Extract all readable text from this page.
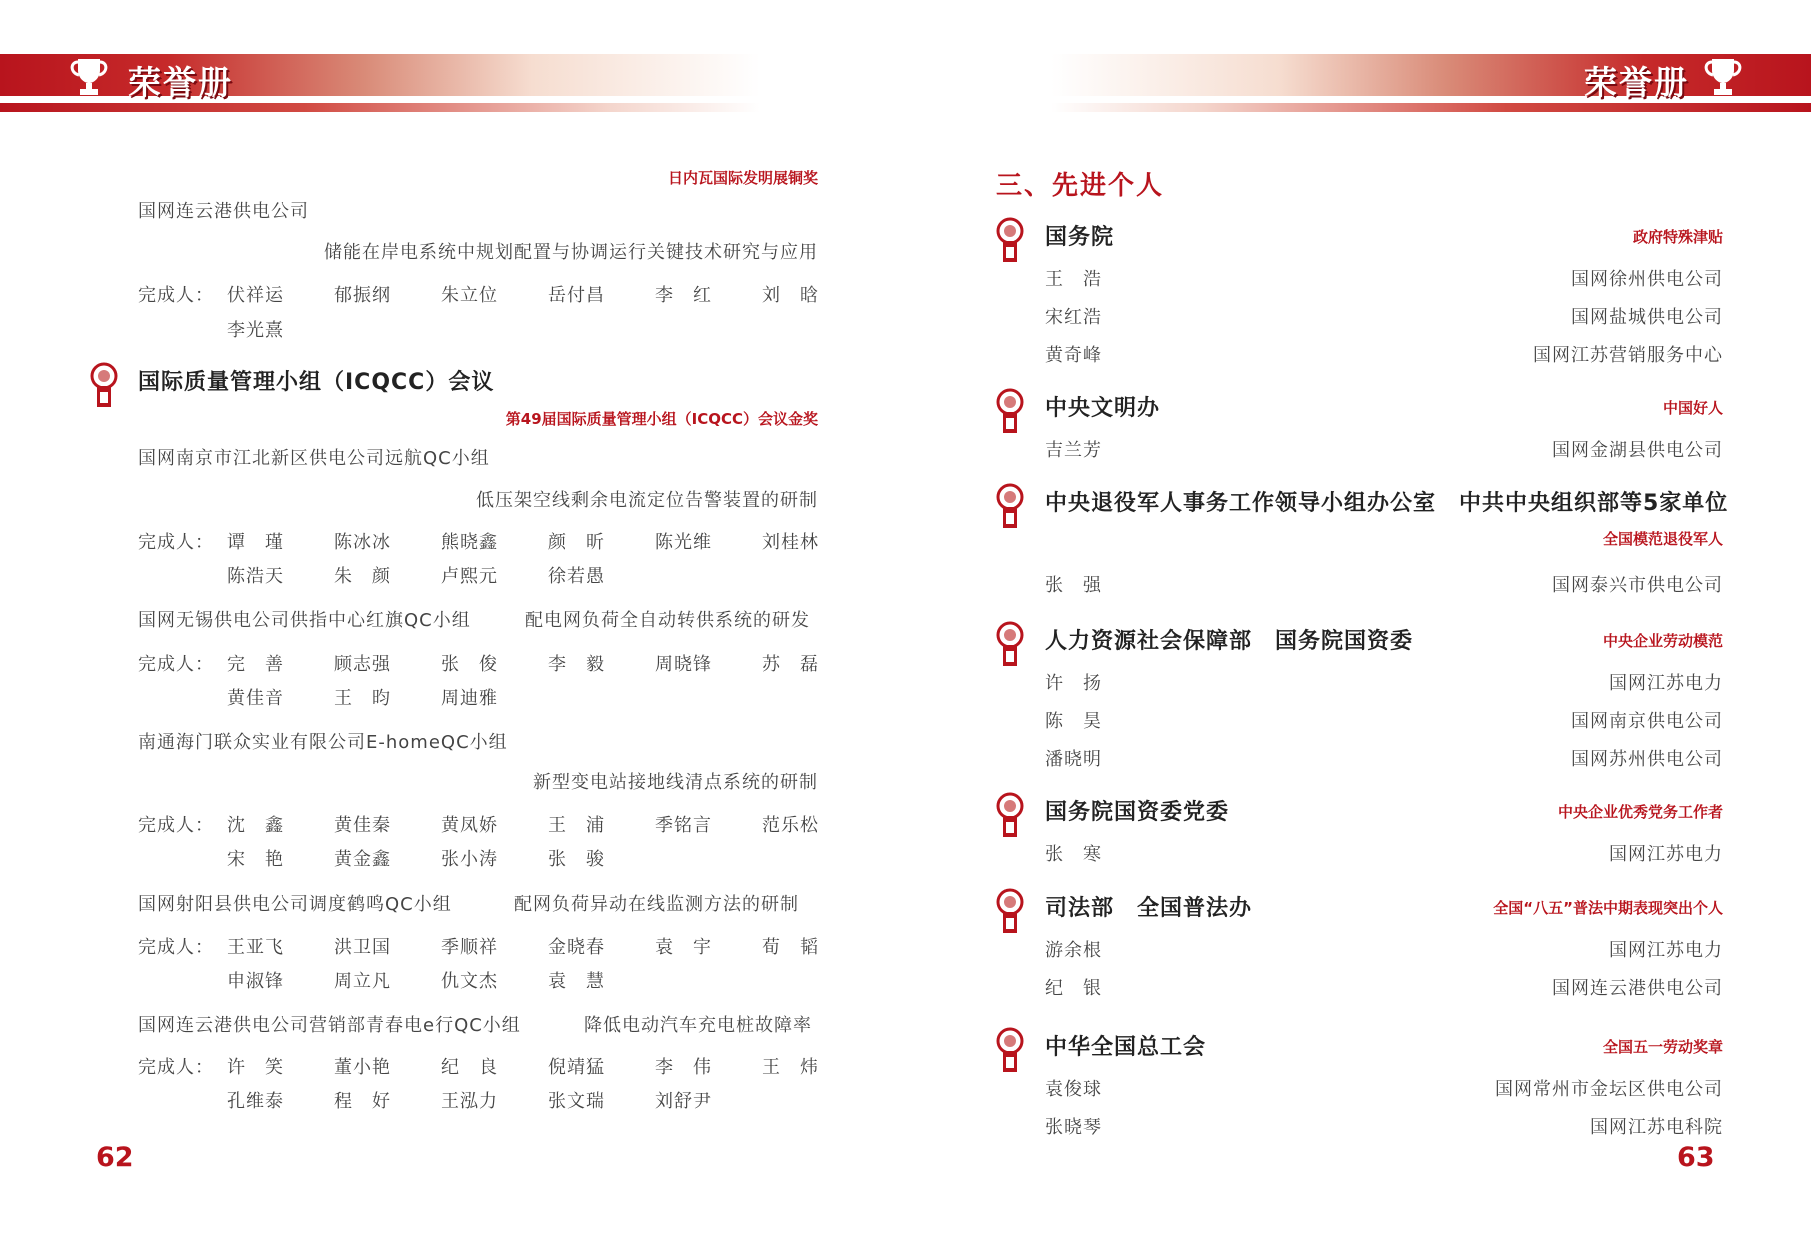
荣誉册	荣誉册
日内瓦国际发明展铜奖
国网连云港供电公司
储能在岸电系统中规划配置与协调运行关键技术研究与应用
完成人： 伏祥运	郁振纲	朱立位	岳付昌	李　红	刘　晗
李光熹
国际质量管理小组（ICQCC）会议
第49届国际质量管理小组（ICQCC）会议金奖
国网南京市江北新区供电公司远航QC小组
低压架空线剩余电流定位告警装置的研制
完成人： 谭　瑾	陈冰冰	熊晓鑫	颜　昕	陈光维	刘桂林
陈浩天	朱　颜	卢熙元	徐若愚
国网无锡供电公司供指中心红旗QC小组	配电网负荷全自动转供系统的研发
完成人： 完　善	顾志强	张　俊	李　毅	周晓锋	苏　磊
黄佳音	王　昀	周迪雅
南通海门联众实业有限公司E-homeQC小组
新型变电站接地线清点系统的研制
完成人： 沈　鑫	黄佳秦	黄凤娇	王　浦	季铭言	范乐松
宋　艳	黄金鑫	张小涛	张　骏
国网射阳县供电公司调度鹤鸣QC小组	配网负荷异动在线监测方法的研制
完成人： 王亚飞	洪卫国	季顺祥	金晓春	袁　宇	荀　韬
申淑锋	周立凡	仇文杰	袁　慧
国网连云港供电公司营销部青春电e行QC小组	降低电动汽车充电桩故障率
完成人： 许　笑	董小艳	纪　良	倪靖猛	李　伟	王　炜
孔维泰	程　好	王泓力	张文瑞	刘舒尹
62
三、先进个人
国务院	政府特殊津贴
王　浩	国网徐州供电公司
宋红浩	国网盐城供电公司
黄奇峰	国网江苏营销服务中心
中央文明办	中国好人
吉兰芳	国网金湖县供电公司
中央退役军人事务工作领导小组办公室　中共中央组织部等5家单位
全国模范退役军人
张　强	国网泰兴市供电公司
人力资源社会保障部　国务院国资委	中央企业劳动模范
许　扬	国网江苏电力
陈　昊	国网南京供电公司
潘晓明	国网苏州供电公司
国务院国资委党委	中央企业优秀党务工作者
张　寒	国网江苏电力
司法部　全国普法办	全国“八五”普法中期表现突出个人
游余根	国网江苏电力
纪　银	国网连云港供电公司
中华全国总工会	全国五一劳动奖章
袁俊球	国网常州市金坛区供电公司
张晓琴	国网江苏电科院
63
